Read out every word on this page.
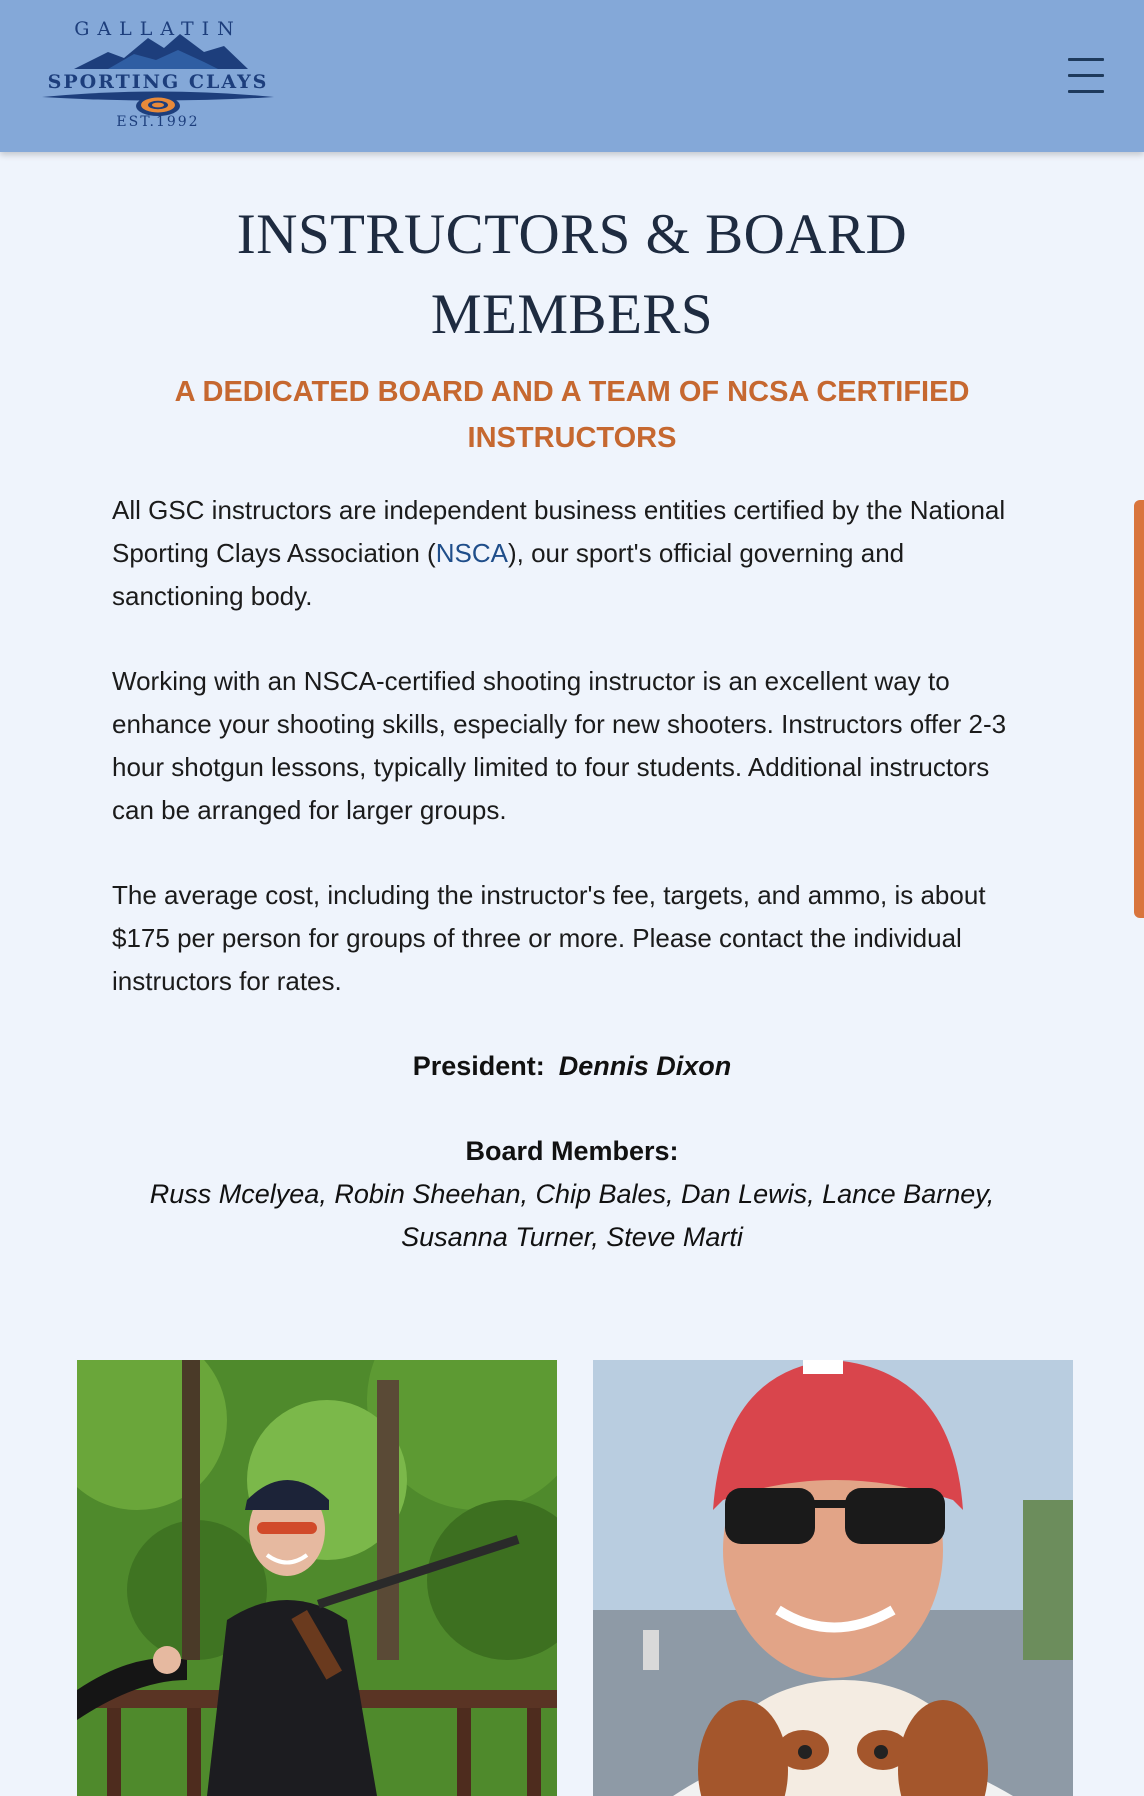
GALLATIN
SPORTING CLAYS
EST.1992
INSTRUCTORS & BOARD MEMBERS
A DEDICATED BOARD AND A TEAM OF NCSA CERTIFIED INSTRUCTORS

All GSC instructors are independent business entities certified by the National Sporting Clays Association (NSCA), our sport's official governing and sanctioning body.

Working with an NSCA-certified shooting instructor is an excellent way to enhance your shooting skills, especially for new shooters. Instructors offer 2-3 hour shotgun lessons, typically limited to four students. Additional instructors can be arranged for larger groups.

The average cost, including the instructor's fee, targets, and ammo, is about $175 per person for groups of three or more. Please contact the individual instructors for rates.

President: Dennis Dixon

Board Members:
Russ Mcelyea, Robin Sheehan, Chip Bales, Dan Lewis, Lance Barney, Susanna Turner, Steve Marti
